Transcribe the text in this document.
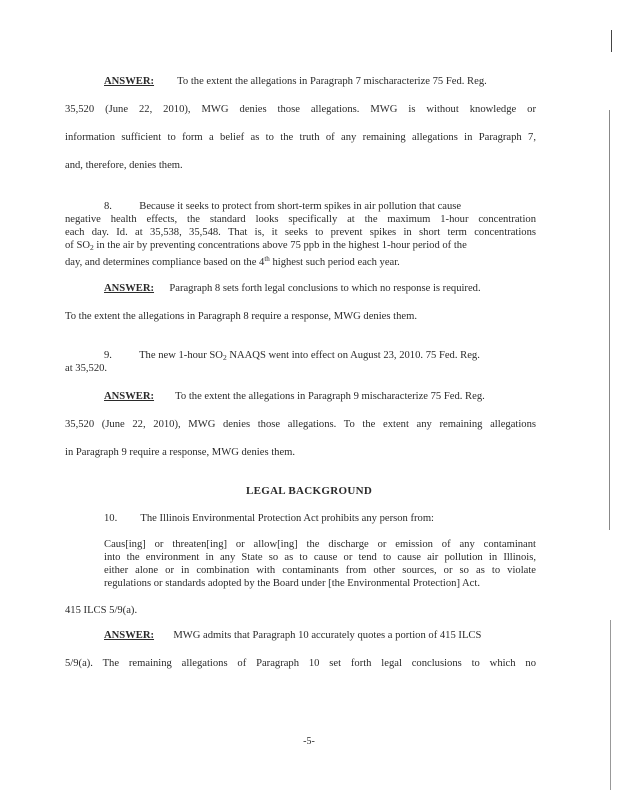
ANSWER: To the extent the allegations in Paragraph 7 mischaracterize 75 Fed. Reg.
35,520 (June 22, 2010), MWG denies those allegations. MWG is without knowledge or
information sufficient to form a belief as to the truth of any remaining allegations in Paragraph 7,
and, therefore, denies them.
8.	Because it seeks to protect from short-term spikes in air pollution that cause
negative health effects, the standard looks specifically at the maximum 1-hour concentration
each day. Id. at 35,538, 35,548. That is, it seeks to prevent spikes in short term concentrations
of $SO_2$ in the air by preventing concentrations above 75 ppb in the highest 1-hour period of the
day, and determines compliance based on the 4th highest such period each year.
ANSWER: Paragraph 8 sets forth legal conclusions to which no response is required.
To the extent the allegations in Paragraph 8 require a response, MWG denies them.
9.	The new 1-hour $SO_2$ NAAQS went into effect on August 23, 2010. 75 Fed. Reg.
at 35,520.
ANSWER: To the extent the allegations in Paragraph 9 mischaracterize 75 Fed. Reg.
35,520 (June 22, 2010), MWG denies those allegations. To the extent any remaining allegations
in Paragraph 9 require a response, MWG denies them.
LEGAL BACKGROUND
10. The Illinois Environmental Protection Act prohibits any person from:
Caus[ing] or threaten[ing] or allow[ing] the discharge or emission of any contaminant
into the environment in any State so as to cause or tend to cause air pollution in Illinois,
either alone or in combination with contaminants from other sources, or so as to violate
regulations or standards adopted by the Board under [the Environmental Protection] Act.
415 ILCS 5/9(a).
ANSWER: MWG admits that Paragraph 10 accurately quotes a portion of 415 ILCS
5/9(a). The remaining allegations of Paragraph 10 set forth legal conclusions to which no
-5-
